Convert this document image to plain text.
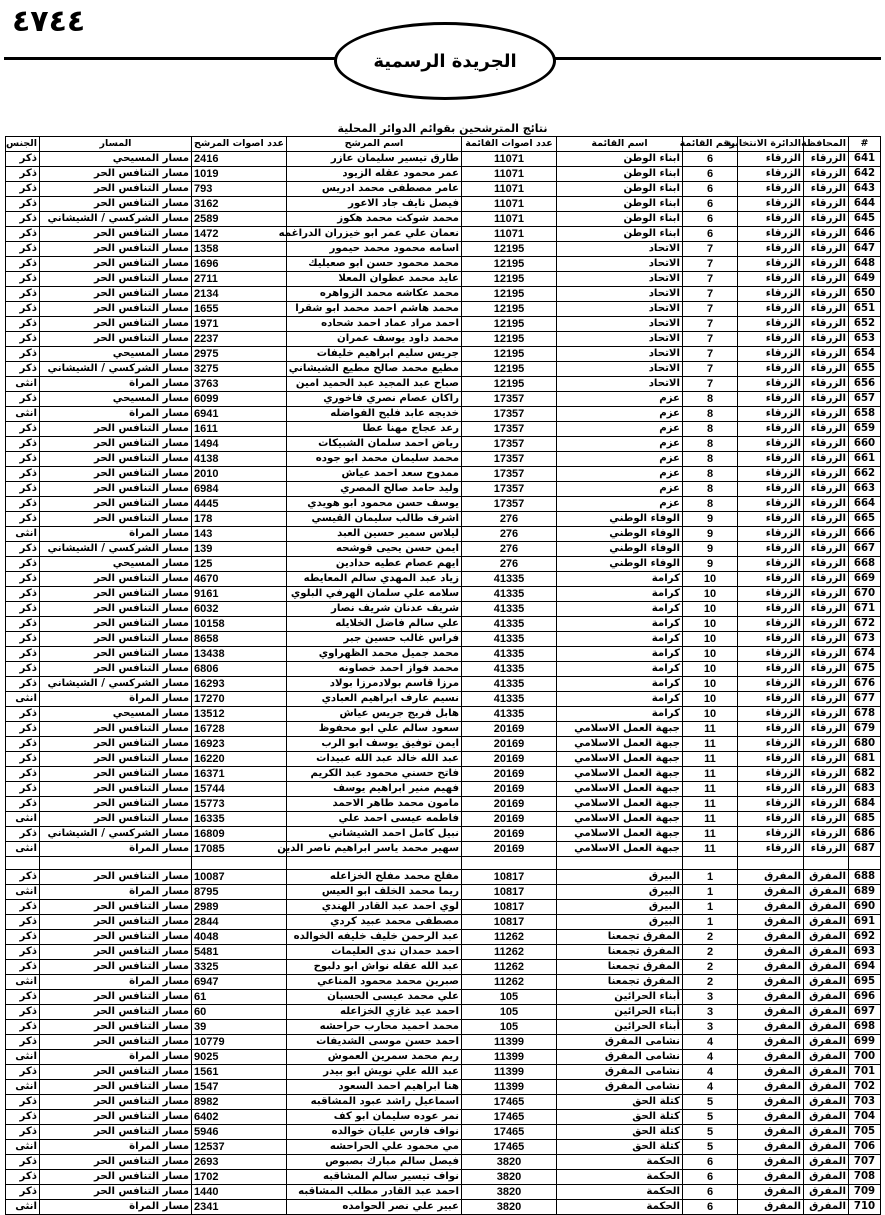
٤٧٤٤
الجريدة الرسمية
نتائج المترشحين بقوائم الدوائر المحلية
#	المحافظة	الدائرة الانتخابية	رقم القائمة	اسم القائمة	عدد اصوات القائمة	اسم المرشح	عدد اصوات المرشح	المسار	الجنس
641	الزرقاء	الزرقاء	6	ابناء الوطن	11071	طارق تيسير سليمان عازر	2416	مسار المسيحي	ذكر
642	الزرقاء	الزرقاء	6	ابناء الوطن	11071	عمر محمود عقله الزيود	1019	مسار التنافس الحر	ذكر
643	الزرقاء	الزرقاء	6	ابناء الوطن	11071	عامر مصطفى محمد ادريس	793	مسار التنافس الحر	ذكر
644	الزرقاء	الزرقاء	6	ابناء الوطن	11071	فيصل نايف جاد الاعور	3162	مسار التنافس الحر	ذكر
645	الزرقاء	الزرقاء	6	ابناء الوطن	11071	محمد شوكت محمد هكوز	2589	مسار الشركسي / الشيشاني	ذكر
646	الزرقاء	الزرقاء	6	ابناء الوطن	11071	نعمان علي عمر ابو خيزران الدراغمه	1472	مسار التنافس الحر	ذكر
647	الزرقاء	الزرقاء	7	الاتحاد	12195	اسامه محمود محمد حيمور	1358	مسار التنافس الحر	ذكر
648	الزرقاء	الزرقاء	7	الاتحاد	12195	محمد محمود حسن ابو صعيليك	1696	مسار التنافس الحر	ذكر
649	الزرقاء	الزرقاء	7	الاتحاد	12195	عايد محمد عطوان المعلا	2711	مسار التنافس الحر	ذكر
650	الزرقاء	الزرقاء	7	الاتحاد	12195	محمد عكاشه محمد الزواهره	2134	مسار التنافس الحر	ذكر
651	الزرقاء	الزرقاء	7	الاتحاد	12195	محمد هاشم احمد محمد ابو شقرا	1655	مسار التنافس الحر	ذكر
652	الزرقاء	الزرقاء	7	الاتحاد	12195	احمد مراد عماد احمد شحاده	1971	مسار التنافس الحر	ذكر
653	الزرقاء	الزرقاء	7	الاتحاد	12195	محمد داود يوسف عمران	2237	مسار التنافس الحر	ذكر
654	الزرقاء	الزرقاء	7	الاتحاد	12195	جريس سليم ابراهيم خليفات	2975	مسار المسيحي	ذكر
655	الزرقاء	الزرقاء	7	الاتحاد	12195	مطيع محمد صالح مطيع الشيشاني	3275	مسار الشركسي / الشيشاني	ذكر
656	الزرقاء	الزرقاء	7	الاتحاد	12195	صباح عبد المجيد عبد الحميد امين	3763	مسار المراة	انثى
657	الزرقاء	الزرقاء	8	عزم	17357	راكان عصام نصري فاخوري	6099	مسار المسيحي	ذكر
658	الزرقاء	الزرقاء	8	عزم	17357	خديجه عابد فليح الفواضله	6941	مسار المراة	انثى
659	الزرقاء	الزرقاء	8	عزم	17357	رعد عجاج مهنا عطا	1611	مسار التنافس الحر	ذكر
660	الزرقاء	الزرقاء	8	عزم	17357	رياض احمد سلمان الشبيكات	1494	مسار التنافس الحر	ذكر
661	الزرقاء	الزرقاء	8	عزم	17357	محمد سليمان محمد ابو جوده	4138	مسار التنافس الحر	ذكر
662	الزرقاء	الزرقاء	8	عزم	17357	ممدوح سعد احمد عياش	2010	مسار التنافس الحر	ذكر
663	الزرقاء	الزرقاء	8	عزم	17357	وليد حامد صالح المصري	6984	مسار التنافس الحر	ذكر
664	الزرقاء	الزرقاء	8	عزم	17357	يوسف حسن محمود ابو هويدي	4445	مسار التنافس الحر	ذكر
665	الزرقاء	الزرقاء	9	الوفاء الوطني	276	اشرف طالب سليمان القيسي	178	مسار التنافس الحر	ذكر
666	الزرقاء	الزرقاء	9	الوفاء الوطني	276	ليلاس سمير حسين العبد	143	مسار المراة	انثى
667	الزرقاء	الزرقاء	9	الوفاء الوطني	276	ايمن حسن يحيى قوشحه	139	مسار الشركسي / الشيشاني	ذكر
668	الزرقاء	الزرقاء	9	الوفاء الوطني	276	ايهم عصام عطيه حدادين	125	مسار المسيحي	ذكر
669	الزرقاء	الزرقاء	10	كرامة	41335	زياد عبد المهدي سالم المعايطه	4670	مسار التنافس الحر	ذكر
670	الزرقاء	الزرقاء	10	كرامة	41335	سلامه علي سلمان الهرفي البلوي	9161	مسار التنافس الحر	ذكر
671	الزرقاء	الزرقاء	10	كرامة	41335	شريف عدنان شريف نصار	6032	مسار التنافس الحر	ذكر
672	الزرقاء	الزرقاء	10	كرامة	41335	علي سالم فاضل الخلايله	10158	مسار التنافس الحر	ذكر
673	الزرقاء	الزرقاء	10	كرامة	41335	فراس غالب حسين جبر	8658	مسار التنافس الحر	ذكر
674	الزرقاء	الزرقاء	10	كرامة	41335	محمد جميل محمد الظهراوي	13438	مسار التنافس الحر	ذكر
675	الزرقاء	الزرقاء	10	كرامة	41335	محمد فواز احمد خصاونه	6806	مسار التنافس الحر	ذكر
676	الزرقاء	الزرقاء	10	كرامة	41335	مرزا قاسم بولادمرزا بولاد	16293	مسار الشركسي / الشيشاني	ذكر
677	الزرقاء	الزرقاء	10	كرامة	41335	نسيم عارف ابراهيم العبادي	17270	مسار المراة	انثى
678	الزرقاء	الزرقاء	10	كرامة	41335	هابل فريج جريس عياش	13512	مسار المسيحي	ذكر
679	الزرقاء	الزرقاء	11	جبهة العمل الاسلامي	20169	سعود سالم علي ابو محفوظ	16728	مسار التنافس الحر	ذكر
680	الزرقاء	الزرقاء	11	جبهة العمل الاسلامي	20169	ايمن توفيق يوسف ابو الرب	16923	مسار التنافس الحر	ذكر
681	الزرقاء	الزرقاء	11	جبهة العمل الاسلامي	20169	عبد الله خالد عبد الله عبيدات	16220	مسار التنافس الحر	ذكر
682	الزرقاء	الزرقاء	11	جبهة العمل الاسلامي	20169	فاتح حسني محمود عبد الكريم	16371	مسار التنافس الحر	ذكر
683	الزرقاء	الزرقاء	11	جبهة العمل الاسلامي	20169	فهيم منير ابراهيم يوسف	15744	مسار التنافس الحر	ذكر
684	الزرقاء	الزرقاء	11	جبهة العمل الاسلامي	20169	مامون محمد طاهر الاحمد	15773	مسار التنافس الحر	ذكر
685	الزرقاء	الزرقاء	11	جبهة العمل الاسلامي	20169	فاطمه عيسى احمد علي	16335	مسار التنافس الحر	انثى
686	الزرقاء	الزرقاء	11	جبهة العمل الاسلامي	20169	نبيل كامل احمد الشيشاني	16809	مسار الشركسي / الشيشاني	ذكر
687	الزرقاء	الزرقاء	11	جبهة العمل الاسلامي	20169	سهير محمد ياسر ابراهيم ناصر الدين	17085	مسار المراة	انثى

688	المفرق	المفرق	1	البيرق	10817	مفلح محمد مفلح الخزاعله	10087	مسار التنافس الحر	ذكر
689	المفرق	المفرق	1	البيرق	10817	ريما محمد الخلف ابو العيس	8795	مسار المراة	انثى
690	المفرق	المفرق	1	البيرق	10817	لوي احمد عبد القادر الهندي	2989	مسار التنافس الحر	ذكر
691	المفرق	المفرق	1	البيرق	10817	مصطفى محمد عبيد كردي	2844	مسار التنافس الحر	ذكر
692	المفرق	المفرق	2	المفرق تجمعنا	11262	عبد الرحمن خليف خليفه الخوالده	4048	مسار التنافس الحر	ذكر
693	المفرق	المفرق	2	المفرق تجمعنا	11262	احمد حمدان ندى العليمات	5481	مسار التنافس الحر	ذكر
694	المفرق	المفرق	2	المفرق تجمعنا	11262	عبد الله عقله نواش ابو دلبوح	3325	مسار التنافس الحر	ذكر
695	المفرق	المفرق	2	المفرق تجمعنا	11262	صبرين محمد محمود المناعي	6947	مسار المراة	انثى
696	المفرق	المفرق	3	أبناء الحرائين	105	علي محمد عيسى الحسبان	61	مسار التنافس الحر	ذكر
697	المفرق	المفرق	3	أبناء الحرائين	105	احمد عيد غازي الخزاعله	60	مسار التنافس الحر	ذكر
698	المفرق	المفرق	3	أبناء الحرائين	105	محمد احميد محارب حراحشه	39	مسار التنافس الحر	ذكر
699	المفرق	المفرق	4	نشامى المفرق	11399	احمد حسن موسى الشديفات	10779	مسار التنافس الحر	ذكر
700	المفرق	المفرق	4	نشامى المفرق	11399	ريم محمد سمرين العموش	9025	مسار المراة	انثى
701	المفرق	المفرق	4	نشامى المفرق	11399	عبد الله علي نويش ابو بيدر	1561	مسار التنافس الحر	ذكر
702	المفرق	المفرق	4	نشامى المفرق	11399	هنا ابراهيم احمد السعود	1547	مسار التنافس الحر	انثى
703	المفرق	المفرق	5	كتلة الحق	17465	اسماعيل راشد عبود المشاقبه	8982	مسار التنافس الحر	ذكر
704	المفرق	المفرق	5	كتلة الحق	17465	نمر عوده سليمان ابو كف	6402	مسار التنافس الحر	ذكر
705	المفرق	المفرق	5	كتلة الحق	17465	نواف فارس عليان خوالده	5946	مسار التنافس الحر	ذكر
706	المفرق	المفرق	5	كتلة الحق	17465	مي محمود علي الحراحشه	12537	مسار المراة	انثى
707	المفرق	المفرق	6	الحكمة	3820	فيصل سالم مبارك بصبوص	2693	مسار التنافس الحر	ذكر
708	المفرق	المفرق	6	الحكمة	3820	نواف تيسير سالم المشاقبه	1702	مسار التنافس الحر	ذكر
709	المفرق	المفرق	6	الحكمة	3820	احمد عبد القادر مطلب المشاقبه	1440	مسار التنافس الحر	ذكر
710	المفرق	المفرق	6	الحكمة	3820	عبير علي نصر الحوامده	2341	مسار المراة	انثى
